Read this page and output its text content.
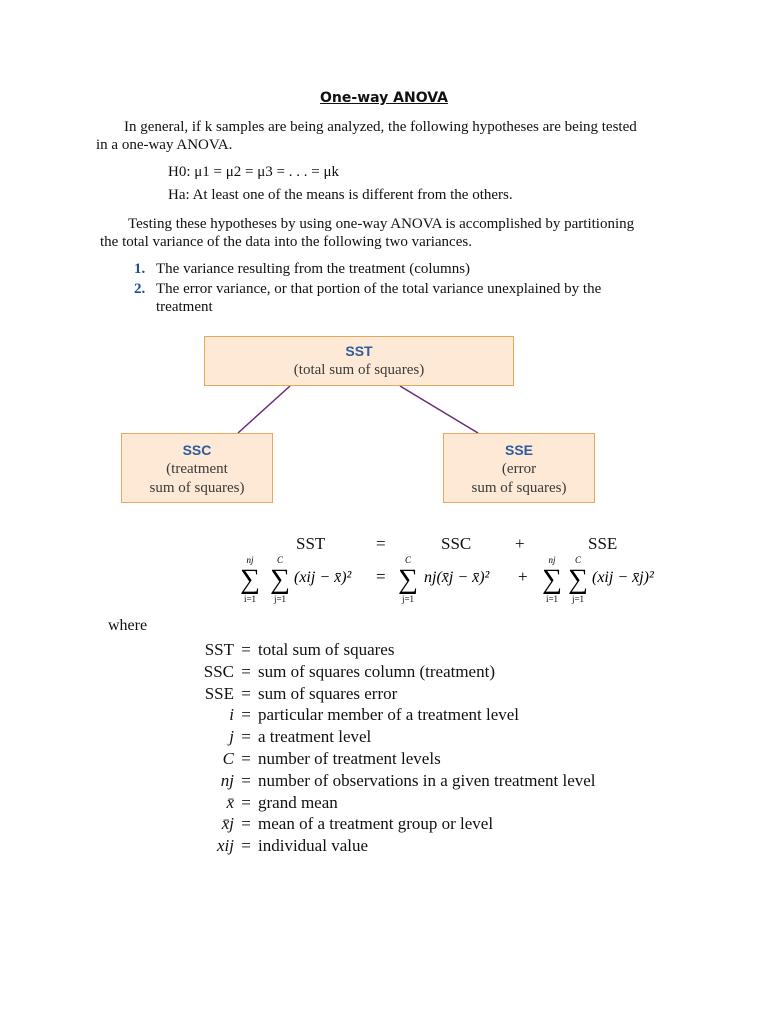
One-way ANOVA
In general, if k samples are being analyzed, the following hypotheses are being tested
in a one-way ANOVA.
H0: μ1 = μ2 = μ3 = . . . = μk
Ha: At least one of the means is different from the others.
Testing these hypotheses by using one-way ANOVA is accomplished by partitioning
the total variance of the data into the following two variances.
1. The variance resulting from the treatment (columns)
2. The error variance, or that portion of the total variance unexplained by the treatment
SST
(total sum of squares)
SSC
(treatment
sum of squares)
SSE
(error
sum of squares)
SST	=	SSC	+	SSE
nj
∑
i=1
C
∑
j=1
(xij − x̄)² =
C
∑
j=1
nj(x̄j − x̄)² +
nj
∑
i=1
C
∑
j=1
(xij − x̄j)²
where
SST = total sum of squares
SSC = sum of squares column (treatment)
SSE = sum of squares error
i = particular member of a treatment level
j = a treatment level
C = number of treatment levels
nj = number of observations in a given treatment level
x̄ = grand mean
x̄j = mean of a treatment group or level
xij = individual value
